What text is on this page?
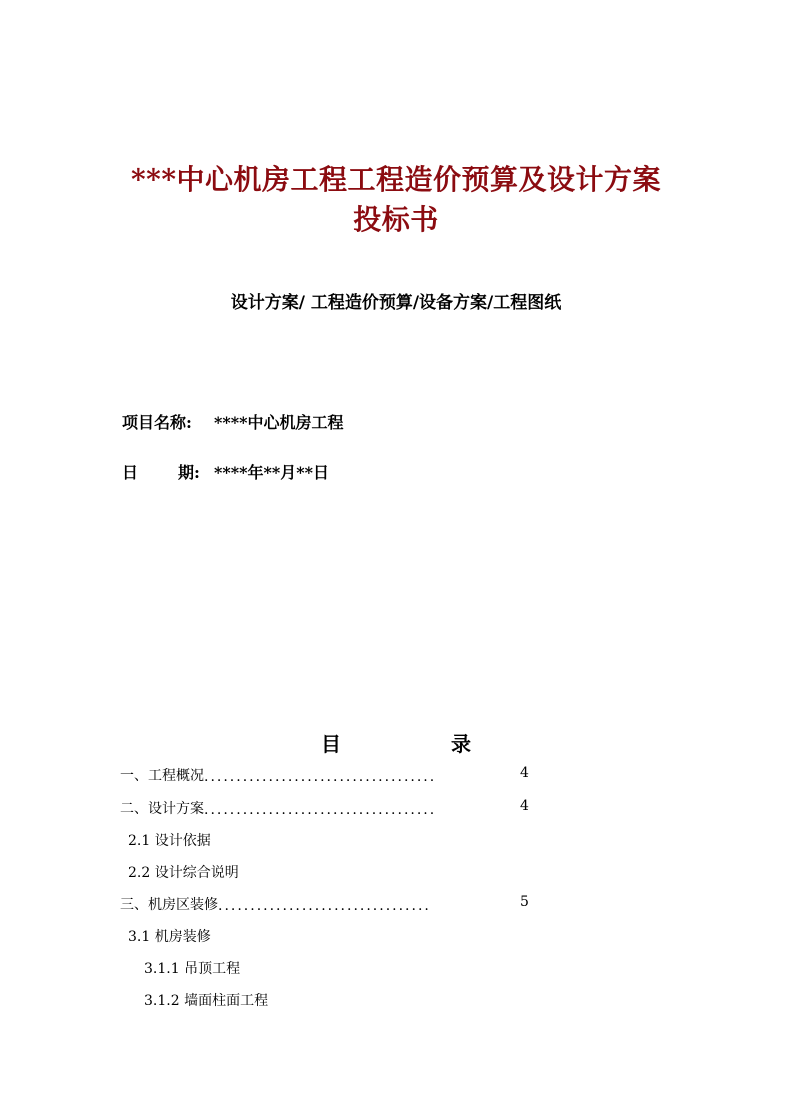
***中心机房工程工程造价预算及设计方案
投标书
设计方案/ 工程造价预算/设备方案/工程图纸
项目名称: ****中心机房工程
日	期: ****年**月**日
目	录
一、工程概况....................................	4
二、设计方案....................................	4
2.1 设计依据
2.2 设计综合说明
三、机房区装修.................................	5
3.1 机房装修
3.1.1 吊顶工程
3.1.2 墙面柱面工程
